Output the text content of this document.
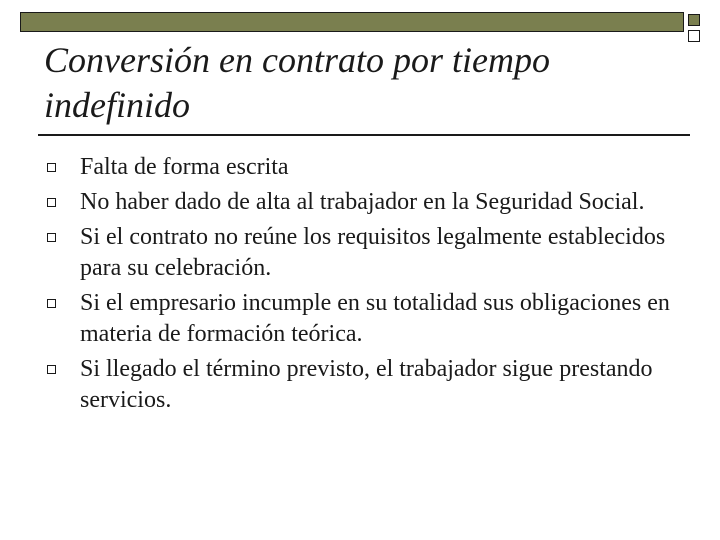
Conversión en contrato por tiempo indefinido
Falta de forma escrita
No haber dado de alta al trabajador en la Seguridad Social.
Si el contrato no reúne los requisitos legalmente establecidos para su celebración.
Si el empresario incumple en su totalidad sus obligaciones en materia de formación teórica.
Si llegado el término previsto, el trabajador sigue prestando servicios.
